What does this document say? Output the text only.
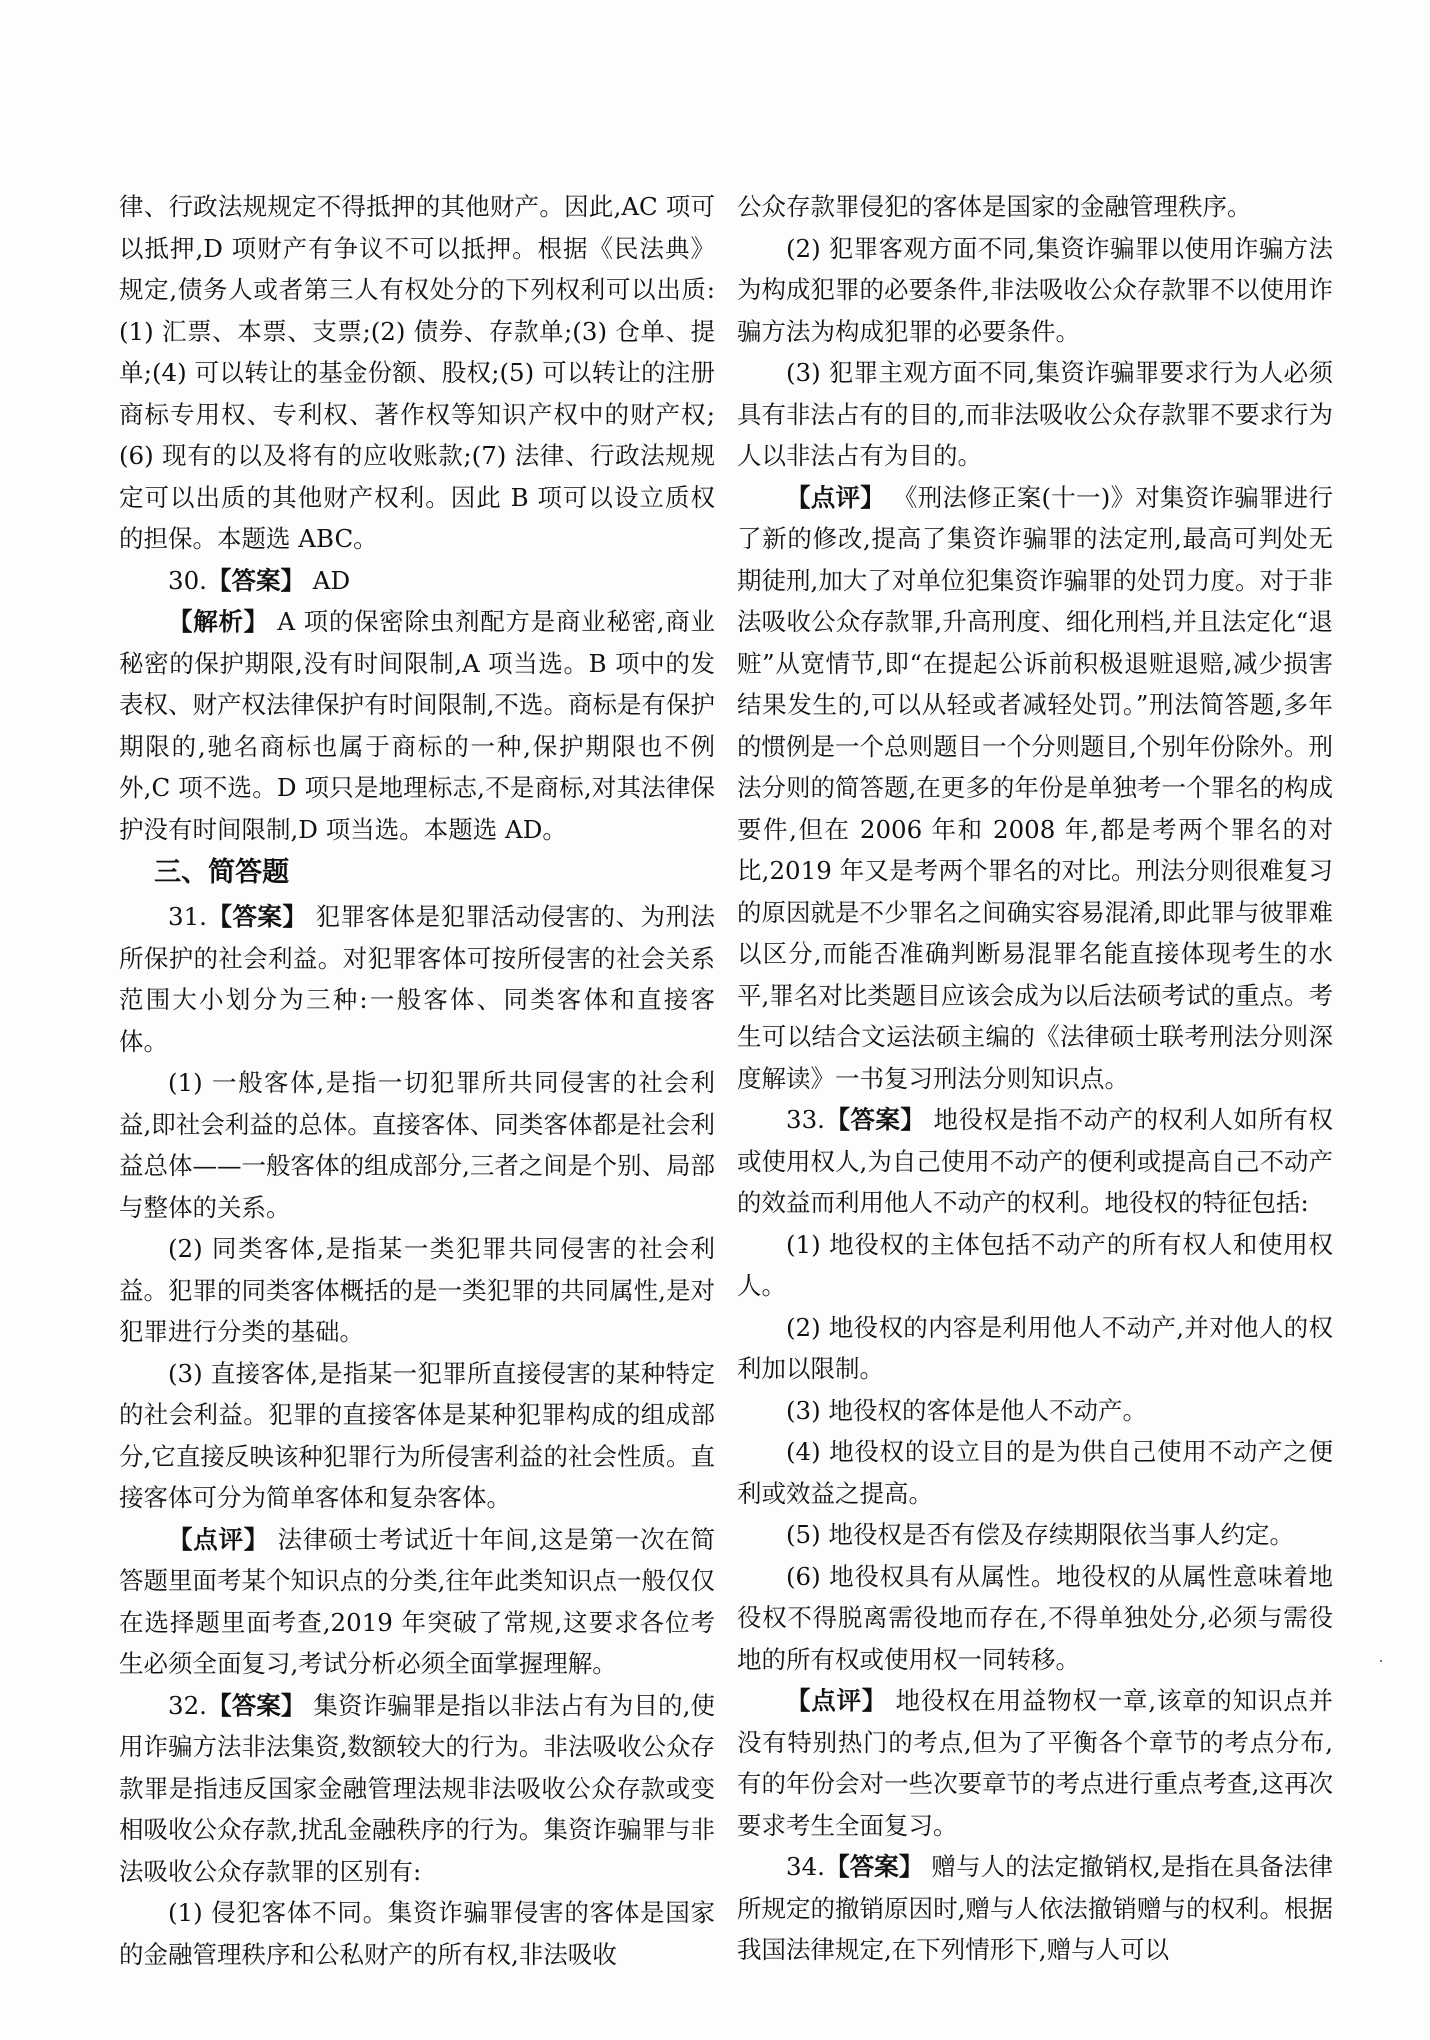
律、行政法规规定不得抵押的其他财产。因此,AC 项可以抵押,D 项财产有争议不可以抵押。根据《民法典》规定,债务人或者第三人有权处分的下列权利可以出质:(1) 汇票、本票、支票;(2) 债券、存款单;(3) 仓单、提单;(4) 可以转让的基金份额、股权;(5) 可以转让的注册商标专用权、专利权、著作权等知识产权中的财产权;(6) 现有的以及将有的应收账款;(7) 法律、行政法规规定可以出质的其他财产权利。因此 B 项可以设立质权的担保。本题选 ABC。

30.【答案】 AD

【解析】 A 项的保密除虫剂配方是商业秘密,商业秘密的保护期限,没有时间限制,A 项当选。B 项中的发表权、财产权法律保护有时间限制,不选。商标是有保护期限的,驰名商标也属于商标的一种,保护期限也不例外,C 项不选。D 项只是地理标志,不是商标,对其法律保护没有时间限制,D 项当选。本题选 AD。

三、简答题

31.【答案】 犯罪客体是犯罪活动侵害的、为刑法所保护的社会利益。对犯罪客体可按所侵害的社会关系范围大小划分为三种:一般客体、同类客体和直接客体。

(1) 一般客体,是指一切犯罪所共同侵害的社会利益,即社会利益的总体。直接客体、同类客体都是社会利益总体——一般客体的组成部分,三者之间是个别、局部与整体的关系。

(2) 同类客体,是指某一类犯罪共同侵害的社会利益。犯罪的同类客体概括的是一类犯罪的共同属性,是对犯罪进行分类的基础。

(3) 直接客体,是指某一犯罪所直接侵害的某种特定的社会利益。犯罪的直接客体是某种犯罪构成的组成部分,它直接反映该种犯罪行为所侵害利益的社会性质。直接客体可分为简单客体和复杂客体。

【点评】 法律硕士考试近十年间,这是第一次在简答题里面考某个知识点的分类,往年此类知识点一般仅仅在选择题里面考查,2019 年突破了常规,这要求各位考生必须全面复习,考试分析必须全面掌握理解。

32.【答案】 集资诈骗罪是指以非法占有为目的,使用诈骗方法非法集资,数额较大的行为。非法吸收公众存款罪是指违反国家金融管理法规非法吸收公众存款或变相吸收公众存款,扰乱金融秩序的行为。集资诈骗罪与非法吸收公众存款罪的区别有:

(1) 侵犯客体不同。集资诈骗罪侵害的客体是国家的金融管理秩序和公私财产的所有权,非法吸收

公众存款罪侵犯的客体是国家的金融管理秩序。

(2) 犯罪客观方面不同,集资诈骗罪以使用诈骗方法为构成犯罪的必要条件,非法吸收公众存款罪不以使用诈骗方法为构成犯罪的必要条件。

(3) 犯罪主观方面不同,集资诈骗罪要求行为人必须具有非法占有的目的,而非法吸收公众存款罪不要求行为人以非法占有为目的。

【点评】 《刑法修正案(十一)》对集资诈骗罪进行了新的修改,提高了集资诈骗罪的法定刑,最高可判处无期徒刑,加大了对单位犯集资诈骗罪的处罚力度。对于非法吸收公众存款罪,升高刑度、细化刑档,并且法定化“退赃”从宽情节,即“在提起公诉前积极退赃退赔,减少损害结果发生的,可以从轻或者减轻处罚。”刑法简答题,多年的惯例是一个总则题目一个分则题目,个别年份除外。刑法分则的简答题,在更多的年份是单独考一个罪名的构成要件,但在 2006 年和 2008 年,都是考两个罪名的对比,2019 年又是考两个罪名的对比。刑法分则很难复习的原因就是不少罪名之间确实容易混淆,即此罪与彼罪难以区分,而能否准确判断易混罪名能直接体现考生的水平,罪名对比类题目应该会成为以后法硕考试的重点。考生可以结合文运法硕主编的《法律硕士联考刑法分则深度解读》一书复习刑法分则知识点。

33.【答案】 地役权是指不动产的权利人如所有权或使用权人,为自己使用不动产的便利或提高自己不动产的效益而利用他人不动产的权利。地役权的特征包括:

(1) 地役权的主体包括不动产的所有权人和使用权人。

(2) 地役权的内容是利用他人不动产,并对他人的权利加以限制。

(3) 地役权的客体是他人不动产。

(4) 地役权的设立目的是为供自己使用不动产之便利或效益之提高。

(5) 地役权是否有偿及存续期限依当事人约定。

(6) 地役权具有从属性。地役权的从属性意味着地役权不得脱离需役地而存在,不得单独处分,必须与需役地的所有权或使用权一同转移。

【点评】 地役权在用益物权一章,该章的知识点并没有特别热门的考点,但为了平衡各个章节的考点分布,有的年份会对一些次要章节的考点进行重点考查,这再次要求考生全面复习。

34.【答案】 赠与人的法定撤销权,是指在具备法律所规定的撤销原因时,赠与人依法撤销赠与的权利。根据我国法律规定,在下列情形下,赠与人可以
